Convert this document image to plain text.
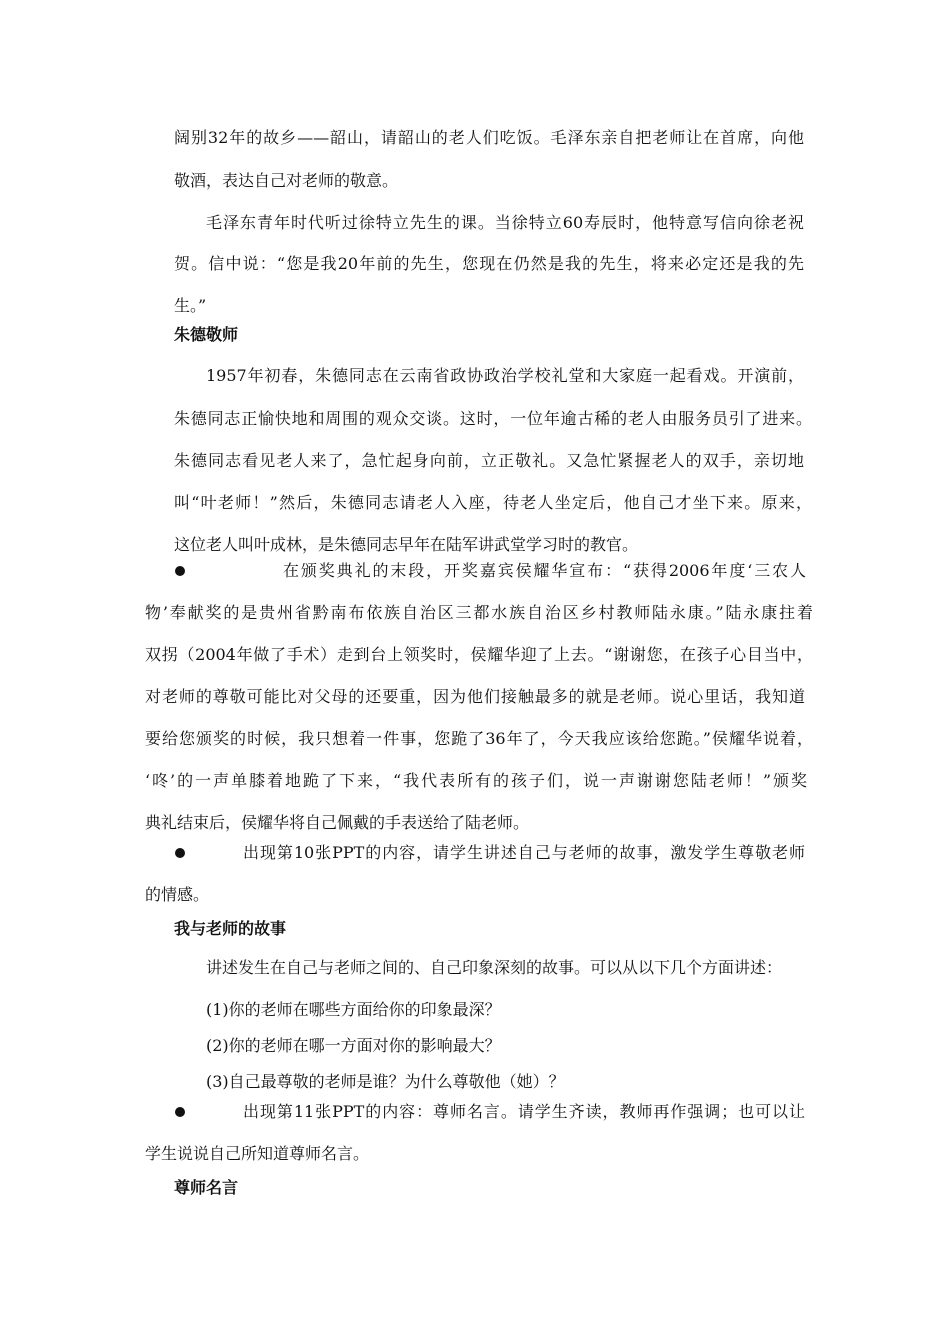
阔别32年的故乡——韶山，请韶山的老人们吃饭。毛泽东亲自把老师让在首席，向他

敬酒，表达自己对老师的敬意。

毛泽东青年时代听过徐特立先生的课。当徐特立60寿辰时，他特意写信向徐老祝

贺。信中说：“您是我20年前的先生，您现在仍然是我的先生，将来必定还是我的先

生。”

朱德敬师

1957年初春，朱德同志在云南省政协政治学校礼堂和大家庭一起看戏。开演前，

朱德同志正愉快地和周围的观众交谈。这时，一位年逾古稀的老人由服务员引了进来。

朱德同志看见老人来了，急忙起身向前，立正敬礼。又急忙紧握老人的双手，亲切地

叫“叶老师！”然后，朱德同志请老人入座，待老人坐定后，他自己才坐下来。原来，

这位老人叫叶成林，是朱德同志早年在陆军讲武堂学习时的教官。

在颁奖典礼的末段，开奖嘉宾侯耀华宣布：“获得2006年度‘三农人

物’奉献奖的是贵州省黔南布依族自治区三都水族自治区乡村教师陆永康。”陆永康拄着

双拐（2004年做了手术）走到台上领奖时，侯耀华迎了上去。“谢谢您，在孩子心目当中，

对老师的尊敬可能比对父母的还要重，因为他们接触最多的就是老师。说心里话，我知道

要给您颁奖的时候，我只想着一件事，您跪了36年了，今天我应该给您跪。”侯耀华说着，

‘咚’的一声单膝着地跪了下来，“我代表所有的孩子们，说一声谢谢您陆老师！”颁奖

典礼结束后，侯耀华将自己佩戴的手表送给了陆老师。

出现第10张PPT的内容，请学生讲述自己与老师的故事，激发学生尊敬老师

的情感。

我与老师的故事

讲述发生在自己与老师之间的、自己印象深刻的故事。可以从以下几个方面讲述：

(1)你的老师在哪些方面给你的印象最深？

(2)你的老师在哪一方面对你的影响最大？

(3)自己最尊敬的老师是谁？为什么尊敬他（她）？

出现第11张PPT的内容：尊师名言。请学生齐读，教师再作强调；也可以让

学生说说自己所知道尊师名言。

尊师名言
